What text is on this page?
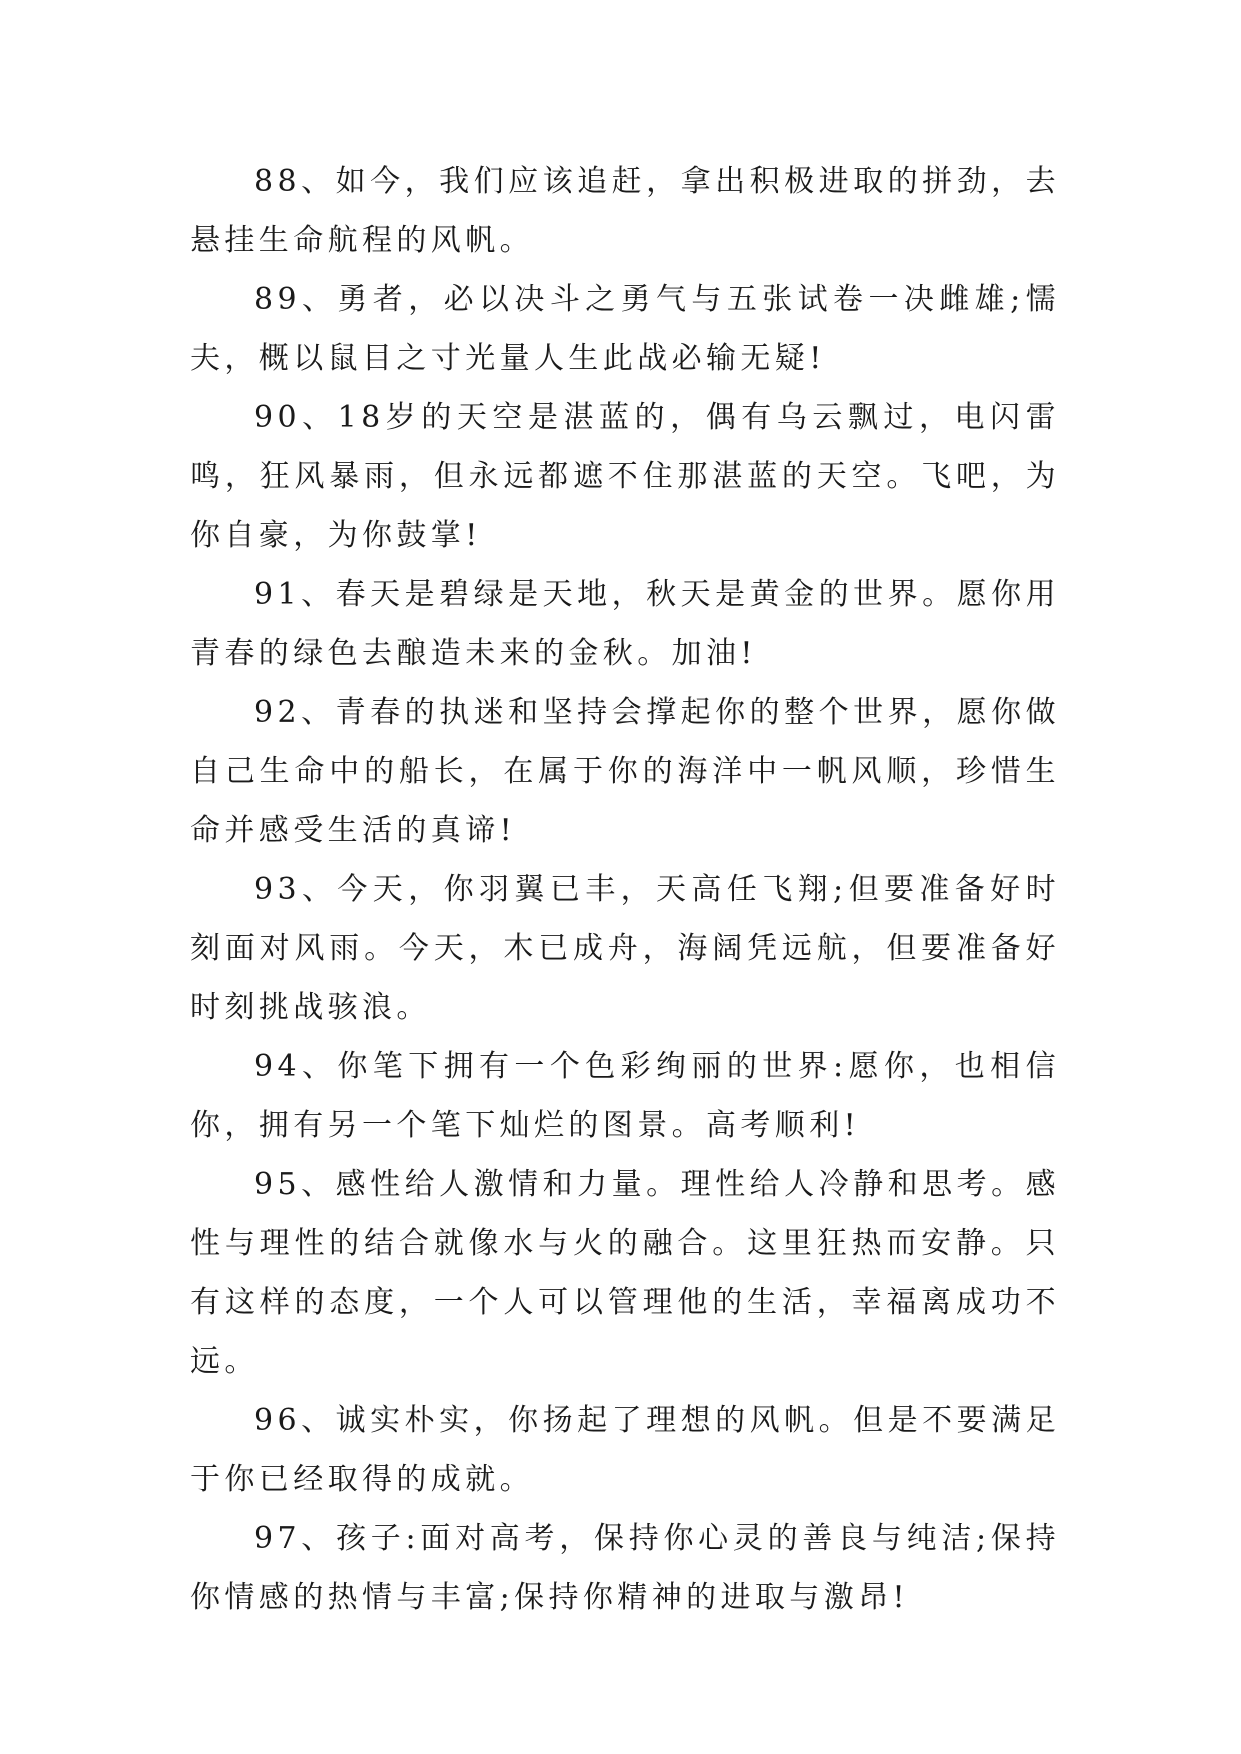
88、如今，我们应该追赶，拿出积极进取的拼劲，去悬挂生命航程的风帆。

89、勇者，必以决斗之勇气与五张试卷一决雌雄;懦夫，概以鼠目之寸光量人生此战必输无疑!

90、18岁的天空是湛蓝的，偶有乌云飘过，电闪雷鸣，狂风暴雨，但永远都遮不住那湛蓝的天空。飞吧，为你自豪，为你鼓掌!

91、春天是碧绿是天地，秋天是黄金的世界。愿你用青春的绿色去酿造未来的金秋。加油!

92、青春的执迷和坚持会撑起你的整个世界，愿你做自己生命中的船长，在属于你的海洋中一帆风顺，珍惜生命并感受生活的真谛!

93、今天，你羽翼已丰，天高任飞翔;但要准备好时刻面对风雨。今天，木已成舟，海阔凭远航，但要准备好时刻挑战骇浪。

94、你笔下拥有一个色彩绚丽的世界:愿你，也相信你，拥有另一个笔下灿烂的图景。高考顺利!

95、感性给人激情和力量。理性给人冷静和思考。感性与理性的结合就像水与火的融合。这里狂热而安静。只有这样的态度，一个人可以管理他的生活，幸福离成功不远。

96、诚实朴实，你扬起了理想的风帆。但是不要满足于你已经取得的成就。

97、孩子:面对高考，保持你心灵的善良与纯洁;保持你情感的热情与丰富;保持你精神的进取与激昂!
